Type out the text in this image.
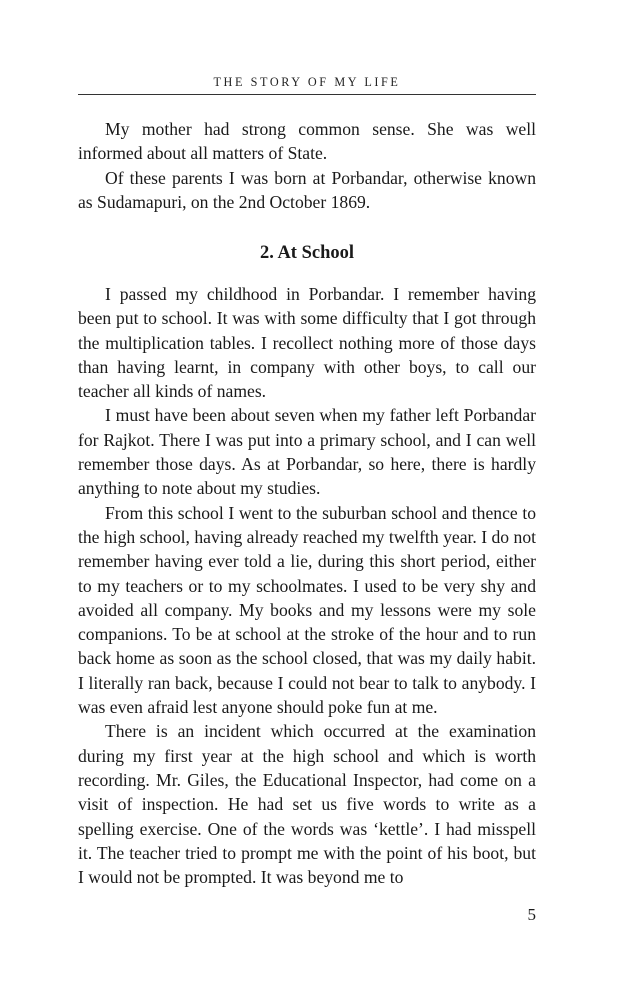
THE STORY OF MY LIFE

My mother had strong common sense. She was well informed about all matters of State.

Of these parents I was born at Porbandar, otherwise known as Sudamapuri, on the 2nd October 1869.

2. At School

I passed my childhood in Porbandar. I remember having been put to school. It was with some difficulty that I got through the multiplication tables. I recollect nothing more of those days than having learnt, in company with other boys, to call our teacher all kinds of names.

I must have been about seven when my father left Porbandar for Rajkot. There I was put into a primary school, and I can well remember those days. As at Porbandar, so here, there is hardly anything to note about my studies.

From this school I went to the suburban school and thence to the high school, having already reached my twelfth year. I do not remember having ever told a lie, during this short period, either to my teachers or to my schoolmates. I used to be very shy and avoided all company. My books and my lessons were my sole companions. To be at school at the stroke of the hour and to run back home as soon as the school closed, that was my daily habit. I literally ran back, because I could not bear to talk to anybody. I was even afraid lest anyone should poke fun at me.

There is an incident which occurred at the examination during my first year at the high school and which is worth recording. Mr. Giles, the Educational Inspector, had come on a visit of inspection. He had set us five words to write as a spelling exercise. One of the words was ‘kettle’. I had misspell it. The teacher tried to prompt me with the point of his boot, but I would not be prompted. It was beyond me to

5
